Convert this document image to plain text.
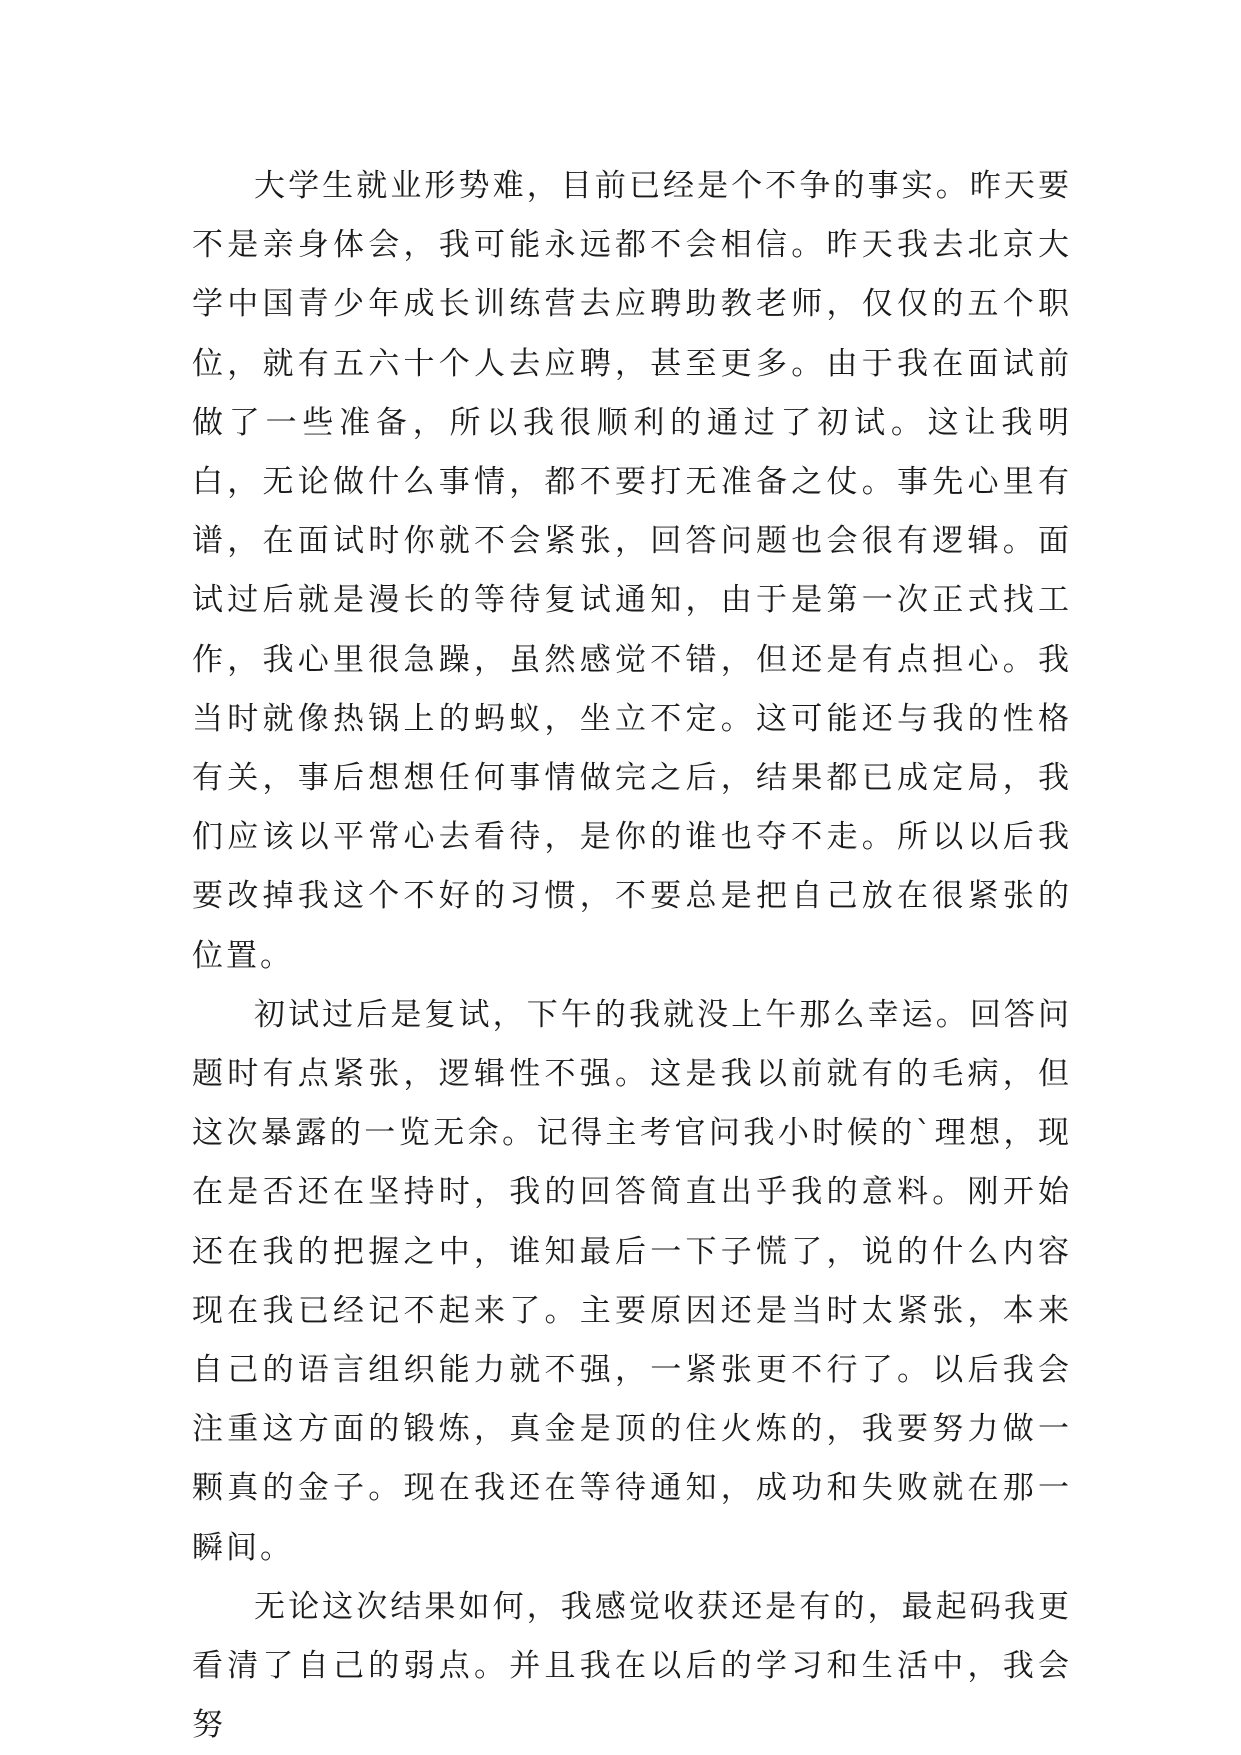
大学生就业形势难，目前已经是个不争的事实。昨天要不是亲身体会，我可能永远都不会相信。昨天我去北京大学中国青少年成长训练营去应聘助教老师，仅仅的五个职位，就有五六十个人去应聘，甚至更多。由于我在面试前做了一些准备，所以我很顺利的通过了初试。这让我明白，无论做什么事情，都不要打无准备之仗。事先心里有谱，在面试时你就不会紧张，回答问题也会很有逻辑。面试过后就是漫长的等待复试通知，由于是第一次正式找工作，我心里很急躁，虽然感觉不错，但还是有点担心。我当时就像热锅上的蚂蚁，坐立不定。这可能还与我的性格有关，事后想想任何事情做完之后，结果都已成定局，我们应该以平常心去看待，是你的谁也夺不走。所以以后我要改掉我这个不好的习惯，不要总是把自己放在很紧张的位置。

初试过后是复试，下午的我就没上午那么幸运。回答问题时有点紧张，逻辑性不强。这是我以前就有的毛病，但这次暴露的一览无余。记得主考官问我小时候的`理想，现在是否还在坚持时，我的回答简直出乎我的意料。刚开始还在我的把握之中，谁知最后一下子慌了，说的什么内容现在我已经记不起来了。主要原因还是当时太紧张，本来自己的语言组织能力就不强，一紧张更不行了。以后我会注重这方面的锻炼，真金是顶的住火炼的，我要努力做一颗真的金子。现在我还在等待通知，成功和失败就在那一瞬间。

无论这次结果如何，我感觉收获还是有的，最起码我更看清了自己的弱点。并且我在以后的学习和生活中，我会努
